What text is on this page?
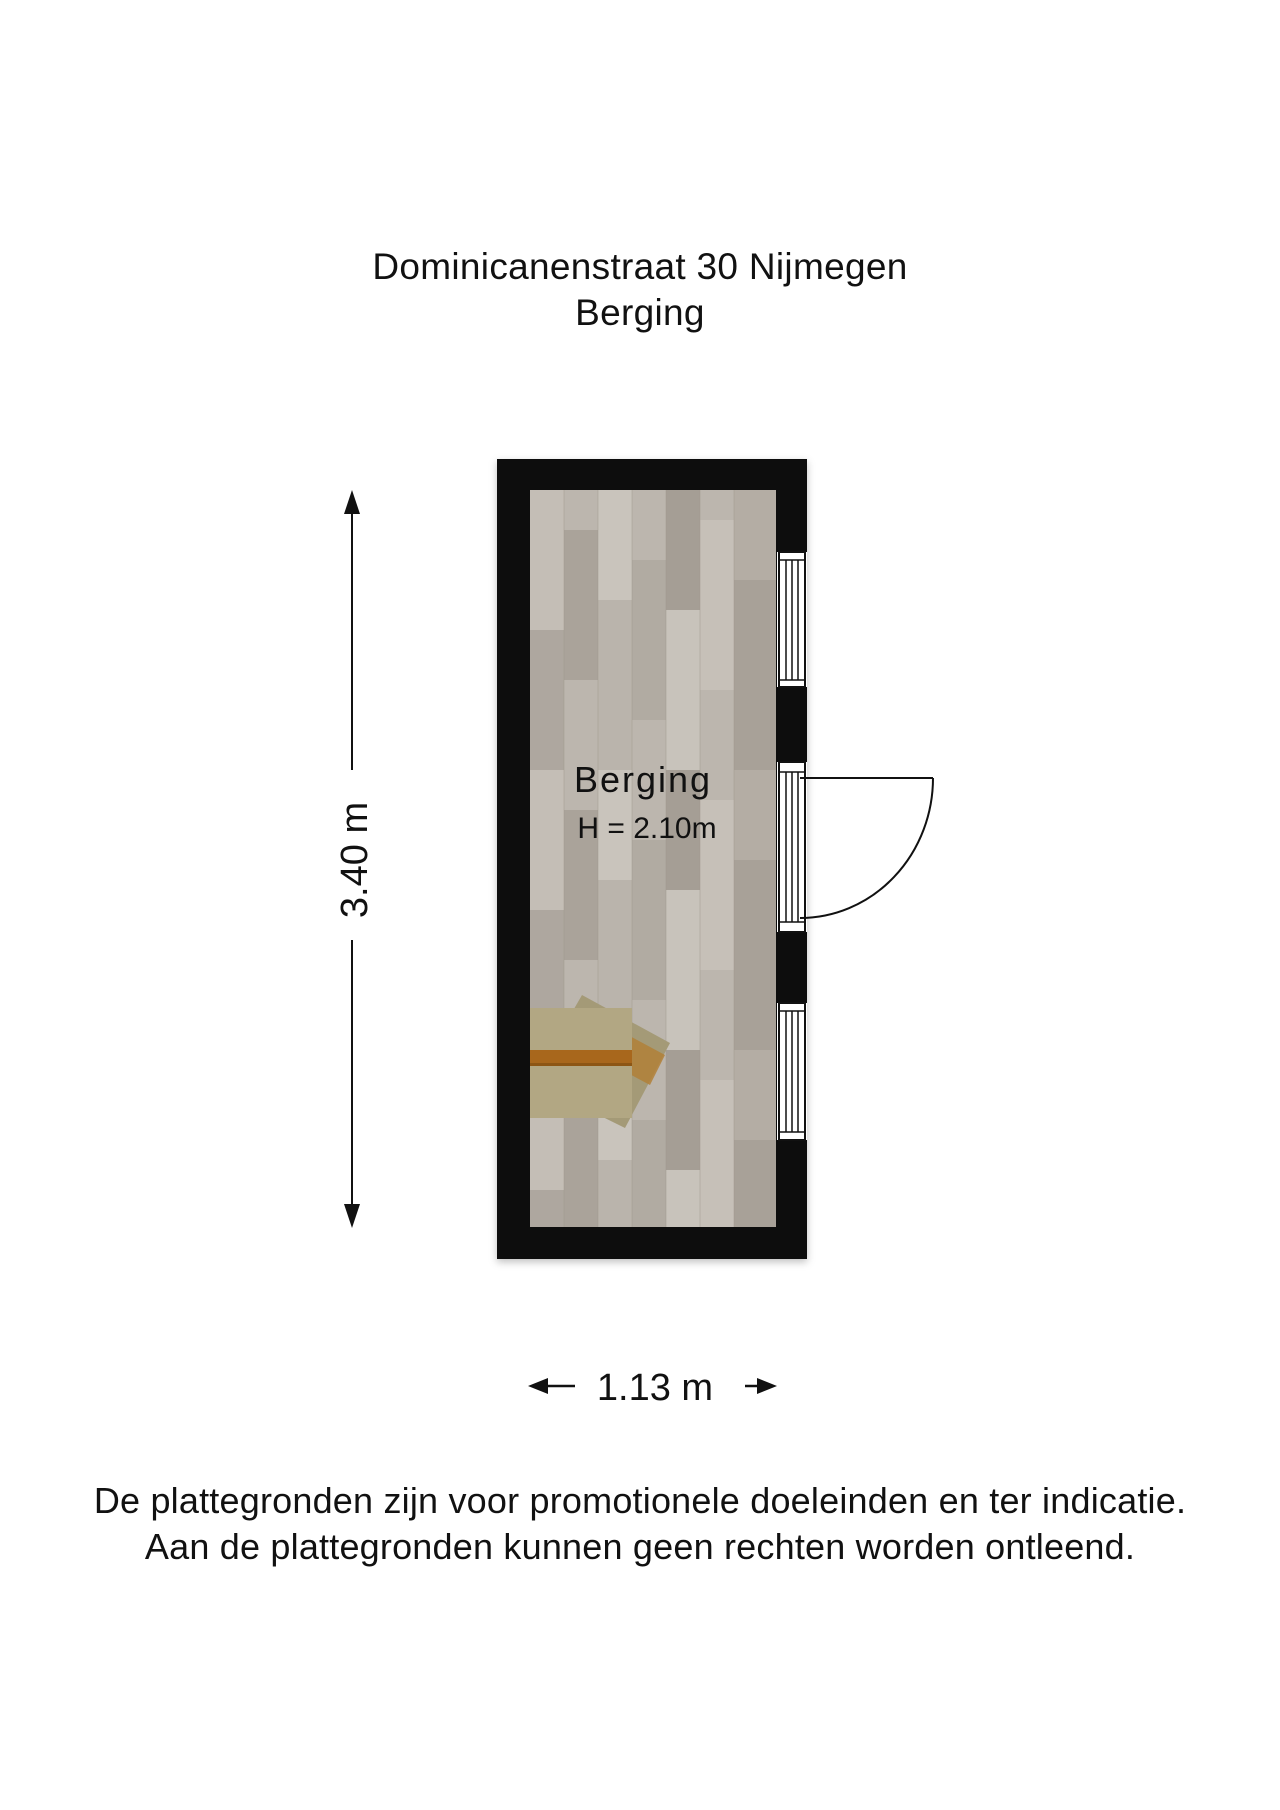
Dominicanenstraat 30 Nijmegen
Berging
Berging
H = 2.10m
3.40 m
1.13 m
De plattegronden zijn voor promotionele doeleinden en ter indicatie.
Aan de plattegronden kunnen geen rechten worden ontleend.
